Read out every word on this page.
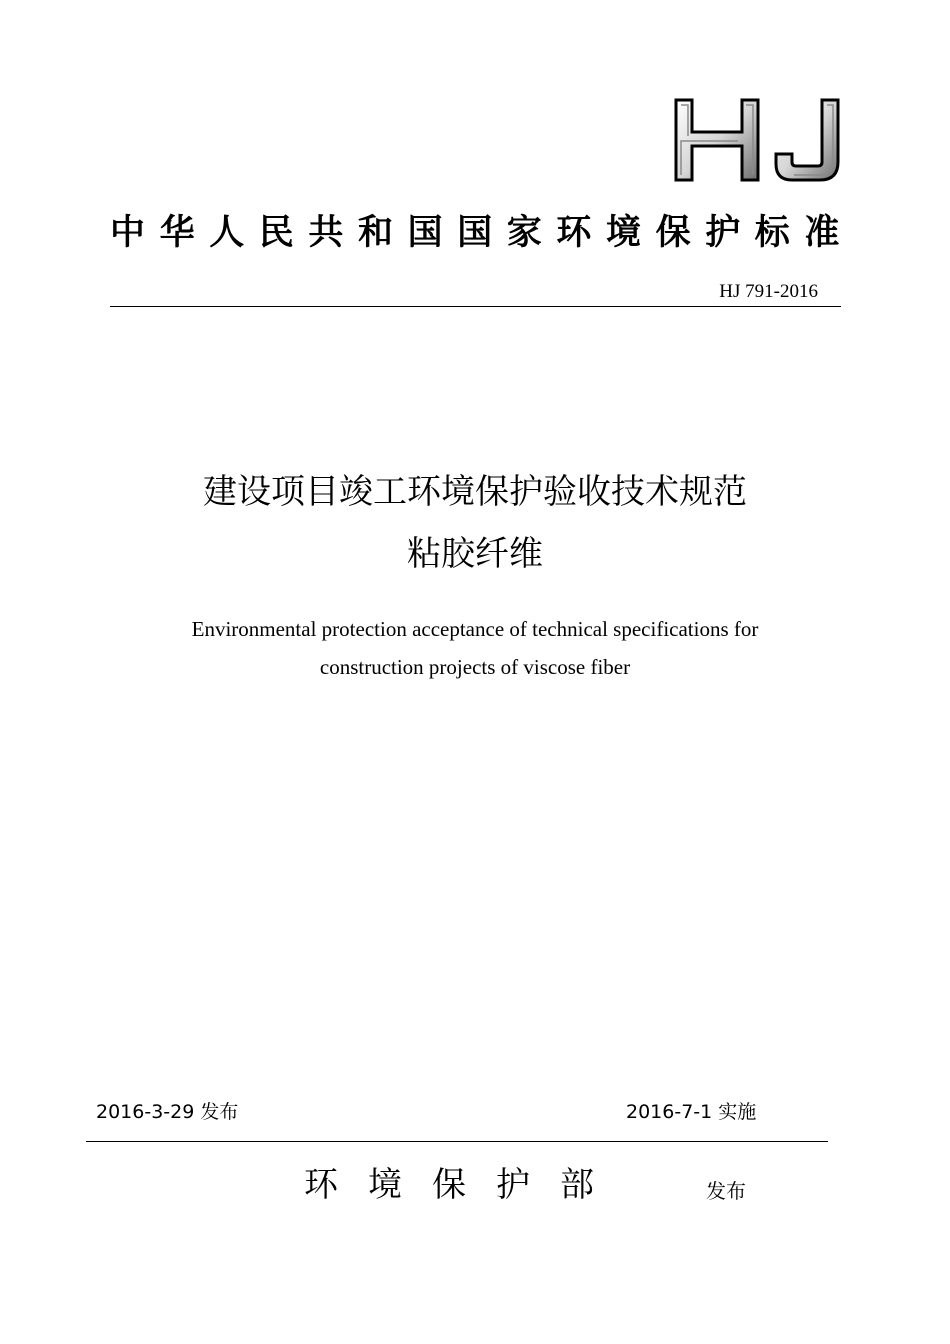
中华人民共和国国家环境保护标准
HJ 791-2016
建设项目竣工环境保护验收技术规范
粘胶纤维
Environmental protection acceptance of technical specifications for
construction projects of viscose fiber
2016-3-29 发布	2016-7-1 实施
环境保护部	发布
